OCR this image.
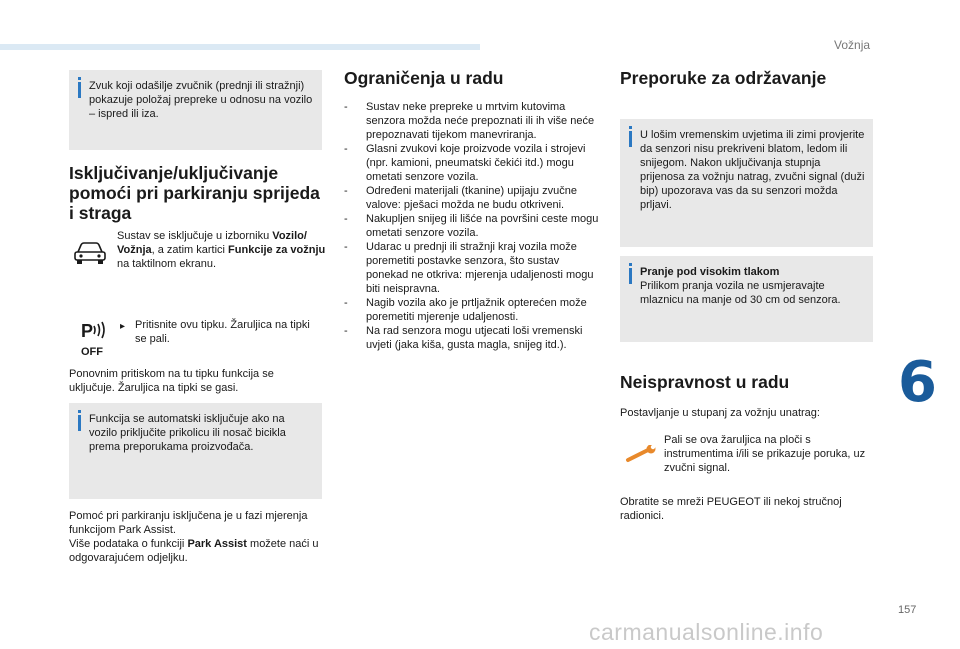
Vožnja
6
157
carmanualsonline.info
Zvuk koji odašilje zvučnik (prednji ili stražnji) pokazuje položaj prepreke u odnosu na vozilo – ispred ili iza.
Isključivanje/uključivanje pomoći pri parkiranju sprijeda i straga
Sustav se isključuje u izborniku Vozilo/ Vožnja, a zatim kartici Funkcije za vožnju na taktilnom ekranu.
P
OFF
▸ Pritisnite ovu tipku. Žaruljica na tipki se pali.
Ponovnim pritiskom na tu tipku funkcija se uključuje. Žaruljica na tipki se gasi.
Funkcija se automatski isključuje ako na vozilo priključite prikolicu ili nosač bicikla prema preporukama proizvođača.
Pomoć pri parkiranju isključena je u fazi mjerenja funkcijom Park Assist.
Više podataka o funkciji Park Assist možete naći u odgovarajućem odjeljku.
Ograničenja u radu
- Sustav neke prepreke u mrtvim kutovima senzora možda neće prepoznati ili ih više neće prepoznavati tijekom manevriranja.
- Glasni zvukovi koje proizvode vozila i strojevi (npr. kamioni, pneumatski čekići itd.) mogu ometati senzore vozila.
- Određeni materijali (tkanine) upijaju zvučne valove: pješaci možda ne budu otkriveni.
- Nakupljen snijeg ili lišće na površini ceste mogu ometati senzore vozila.
- Udarac u prednji ili stražnji kraj vozila može poremetiti postavke senzora, što sustav ponekad ne otkriva: mjerenja udaljenosti mogu biti neispravna.
- Nagib vozila ako je prtljažnik opterećen može poremetiti mjerenje udaljenosti.
- Na rad senzora mogu utjecati loši vremenski uvjeti (jaka kiša, gusta magla, snijeg itd.).
Preporuke za održavanje
U lošim vremenskim uvjetima ili zimi provjerite da senzori nisu prekriveni blatom, ledom ili snijegom. Nakon uključivanja stupnja prijenosa za vožnju natrag, zvučni signal (duži bip) upozorava vas da su senzori možda prljavi.
Pranje pod visokim tlakom
Prilikom pranja vozila ne usmjeravajte mlaznicu na manje od 30 cm od senzora.
Neispravnost u radu
Postavljanje u stupanj za vožnju unatrag:
Pali se ova žaruljica na ploči s instrumentima i/ili se prikazuje poruka, uz zvučni signal.
Obratite se mreži PEUGEOT ili nekoj stručnoj radionici.
